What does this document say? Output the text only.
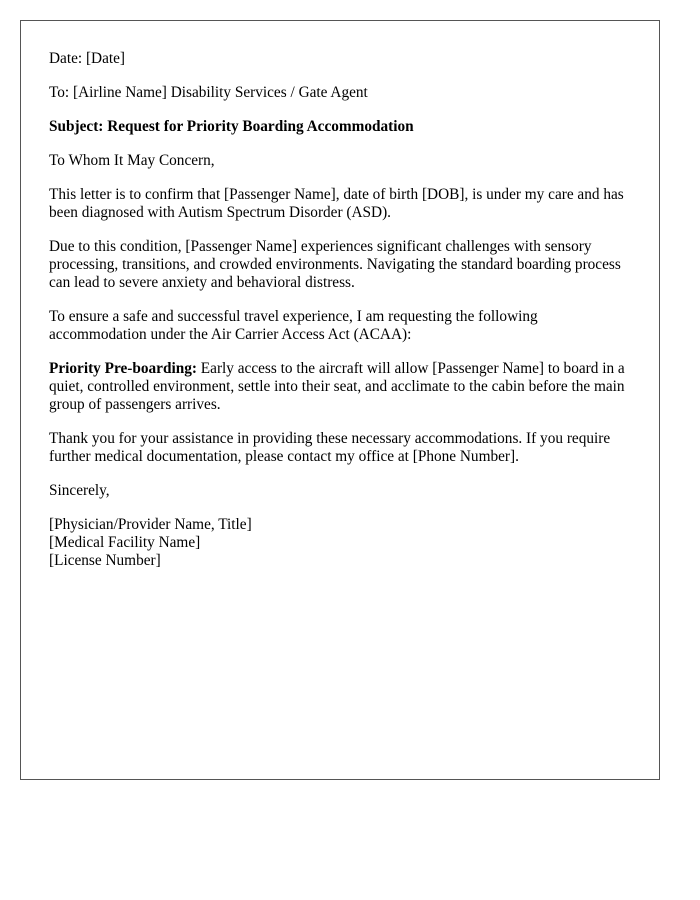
Date: [Date]

To: [Airline Name] Disability Services / Gate Agent

Subject: Request for Priority Boarding Accommodation

To Whom It May Concern,

This letter is to confirm that [Passenger Name], date of birth [DOB], is under my care and has been diagnosed with Autism Spectrum Disorder (ASD).

Due to this condition, [Passenger Name] experiences significant challenges with sensory processing, transitions, and crowded environments. Navigating the standard boarding process can lead to severe anxiety and behavioral distress.

To ensure a safe and successful travel experience, I am requesting the following accommodation under the Air Carrier Access Act (ACAA):

Priority Pre-boarding: Early access to the aircraft will allow [Passenger Name] to board in a quiet, controlled environment, settle into their seat, and acclimate to the cabin before the main group of passengers arrives.

Thank you for your assistance in providing these necessary accommodations. If you require further medical documentation, please contact my office at [Phone Number].

Sincerely,

[Physician/Provider Name, Title]
[Medical Facility Name]
[License Number]
